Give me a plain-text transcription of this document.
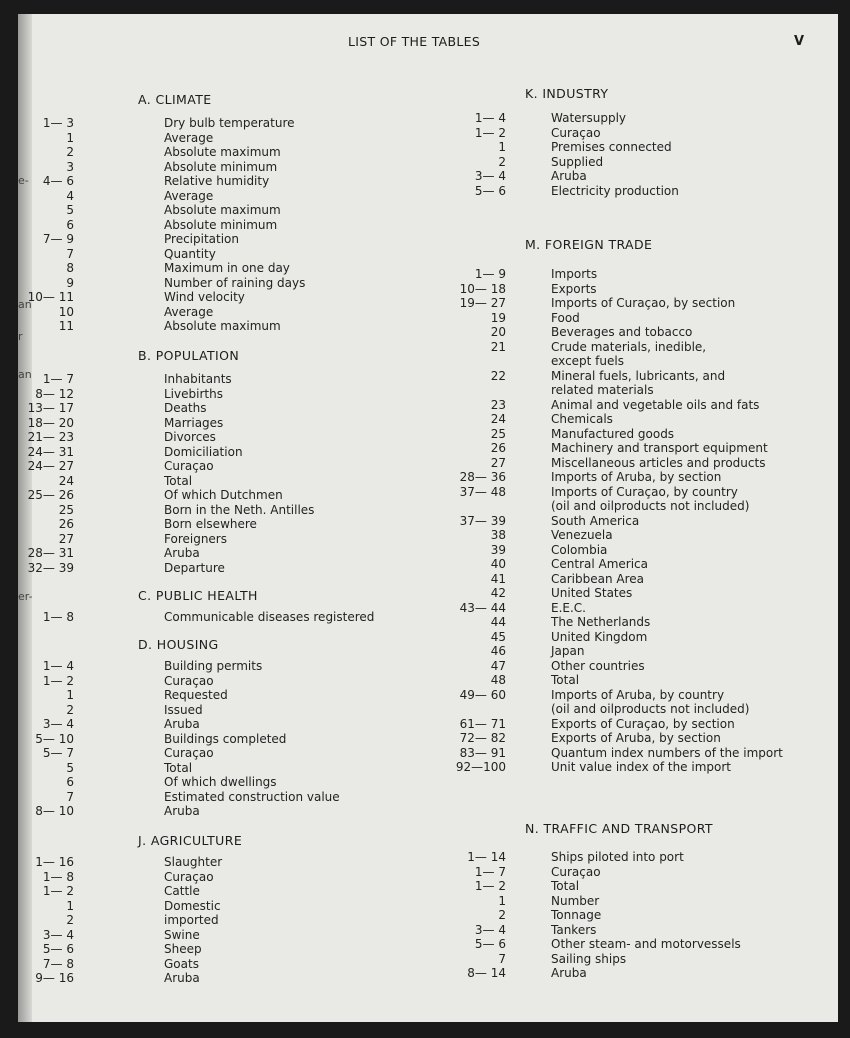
e-
an
r
an
er-
LIST OF THE TABLES	V
A. CLIMATE
1— 3	Dry bulb temperature
1	Average
2	Absolute maximum
3	Absolute minimum
4— 6	Relative humidity
4	Average
5	Absolute maximum
6	Absolute minimum
7— 9	Precipitation
7	Quantity
8	Maximum in one day
9	Number of raining days
10— 11	Wind velocity
10	Average
11	Absolute maximum
B. POPULATION
1— 7	Inhabitants
8— 12	Livebirths
13— 17	Deaths
18— 20	Marriages
21— 23	Divorces
24— 31	Domiciliation
24— 27	Curaçao
24	Total
25— 26	Of which Dutchmen
25	Born in the Neth. Antilles
26	Born elsewhere
27	Foreigners
28— 31	Aruba
32— 39	Departure
C. PUBLIC HEALTH
1— 8	Communicable diseases registered
D. HOUSING
1— 4	Building permits
1— 2	Curaçao
1	Requested
2	Issued
3— 4	Aruba
5— 10	Buildings completed
5— 7	Curaçao
5	Total
6	Of which dwellings
7	Estimated construction value
8— 10	Aruba
J. AGRICULTURE
1— 16	Slaughter
1— 8	Curaçao
1— 2	Cattle
1	Domestic
2	imported
3— 4	Swine
5— 6	Sheep
7— 8	Goats
9— 16	Aruba
K. INDUSTRY
1— 4	Watersupply
1— 2	Curaçao
1	Premises connected
2	Supplied
3— 4	Aruba
5— 6	Electricity production
M. FOREIGN TRADE
1— 9	Imports
10— 18	Exports
19— 27	Imports of Curaçao, by section
19	Food
20	Beverages and tobacco
21	Crude materials, inedible,
except fuels
22	Mineral fuels, lubricants, and
related materials
23	Animal and vegetable oils and fats
24	Chemicals
25	Manufactured goods
26	Machinery and transport equipment
27	Miscellaneous articles and products
28— 36	Imports of Aruba, by section
37— 48	Imports of Curaçao, by country
(oil and oilproducts not included)
37— 39	South America
38	Venezuela
39	Colombia
40	Central America
41	Caribbean Area
42	United States
43— 44	E.E.C.
44	The Netherlands
45	United Kingdom
46	Japan
47	Other countries
48	Total
49— 60	Imports of Aruba, by country
(oil and oilproducts not included)
61— 71	Exports of Curaçao, by section
72— 82	Exports of Aruba, by section
83— 91	Quantum index numbers of the import
92—100	Unit value index of the import
N. TRAFFIC AND TRANSPORT
1— 14	Ships piloted into port
1— 7	Curaçao
1— 2	Total
1	Number
2	Tonnage
3— 4	Tankers
5— 6	Other steam- and motorvessels
7	Sailing ships
8— 14	Aruba
